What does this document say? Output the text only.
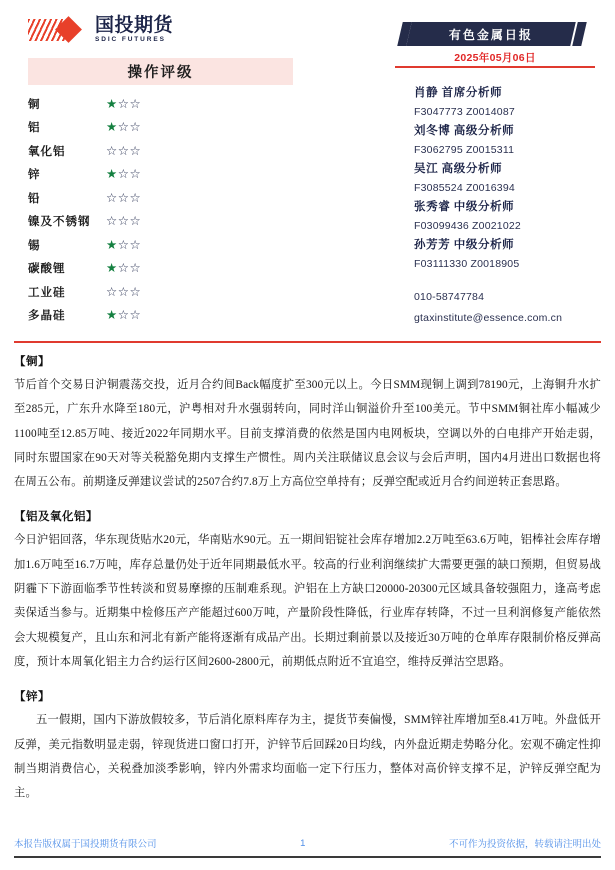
国投期货
SDIC FUTURES
操作评级
铜	★☆☆
铝	★☆☆
氧化铝	☆☆☆
锌	★☆☆
铅	☆☆☆
镍及不锈钢	☆☆☆
锡	★☆☆
碳酸锂	★☆☆
工业硅	☆☆☆
多晶硅	★☆☆
有色金属日报
2025年05月06日
肖静 首席分析师
F3047773 Z0014087
刘冬博 高级分析师
F3062795 Z0015311
吴江 高级分析师
F3085524 Z0016394
张秀睿 中级分析师
F03099436 Z0021022
孙芳芳 中级分析师
F03111330 Z0018905
010-58747784
gtaxinstitute@essence.com.cn
【铜】
节后首个交易日沪铜震荡交投，近月合约间Back幅度扩至300元以上。今日SMM现铜上调到78190元，上海铜升水扩至285元，广东升水降至180元，沪粤相对升水强弱转向，同时洋山铜溢价升至100美元。节中SMM铜社库小幅减少1100吨至12.85万吨、接近2022年同期水平。目前支撑消费的依然是国内电网板块，空调以外的白电排产开始走弱，同时东盟国家在90天对等关税豁免期内支撑生产惯性。周内关注联储议息会议与会后声明，国内4月进出口数据也将在周五公布。前期逢反弹建议尝试的2507合约7.8万上方高位空单持有；反弹空配或近月合约间逆转正套思路。
【铝及氧化铝】
今日沪铝回落，华东现货贴水20元，华南贴水90元。五一期间铝锭社会库存增加2.2万吨至63.6万吨，铝棒社会库存增加1.6万吨至16.7万吨，库存总量仍处于近年同期最低水平。较高的行业利润继续扩大需要更强的缺口预期，但贸易战阴霾下下游面临季节性转淡和贸易摩擦的压制难系现。沪铝在上方缺口20000-20300元区域具备较强阻力，逢高考虑卖保适当参与。近期集中检修压产产能超过600万吨，产量阶段性降低，行业库存转降，不过一旦利润修复产能依然会大规模复产，且山东和河北有新产能将逐渐有成品产出。长期过剩前景以及接近30万吨的仓单库存限制价格反弹高度，预计本周氧化铝主力合约运行区间2600-2800元，前期低点附近不宜追空，维持反弹沽空思路。
【锌】
五一假期，国内下游放假较多，节后消化原料库存为主，提货节奏偏慢，SMM锌社库增加至8.41万吨。外盘低开反弹，美元指数明显走弱，锌现货进口窗口打开，沪锌节后回踩20日均线，内外盘近期走势略分化。宏观不确定性抑制当期消费信心，关税叠加淡季影响，锌内外需求均面临一定下行压力，整体对高价锌支撑不足，沪锌反弹空配为主。
本报告版权属于国投期货有限公司	1	不可作为投资依据，转载请注明出处
